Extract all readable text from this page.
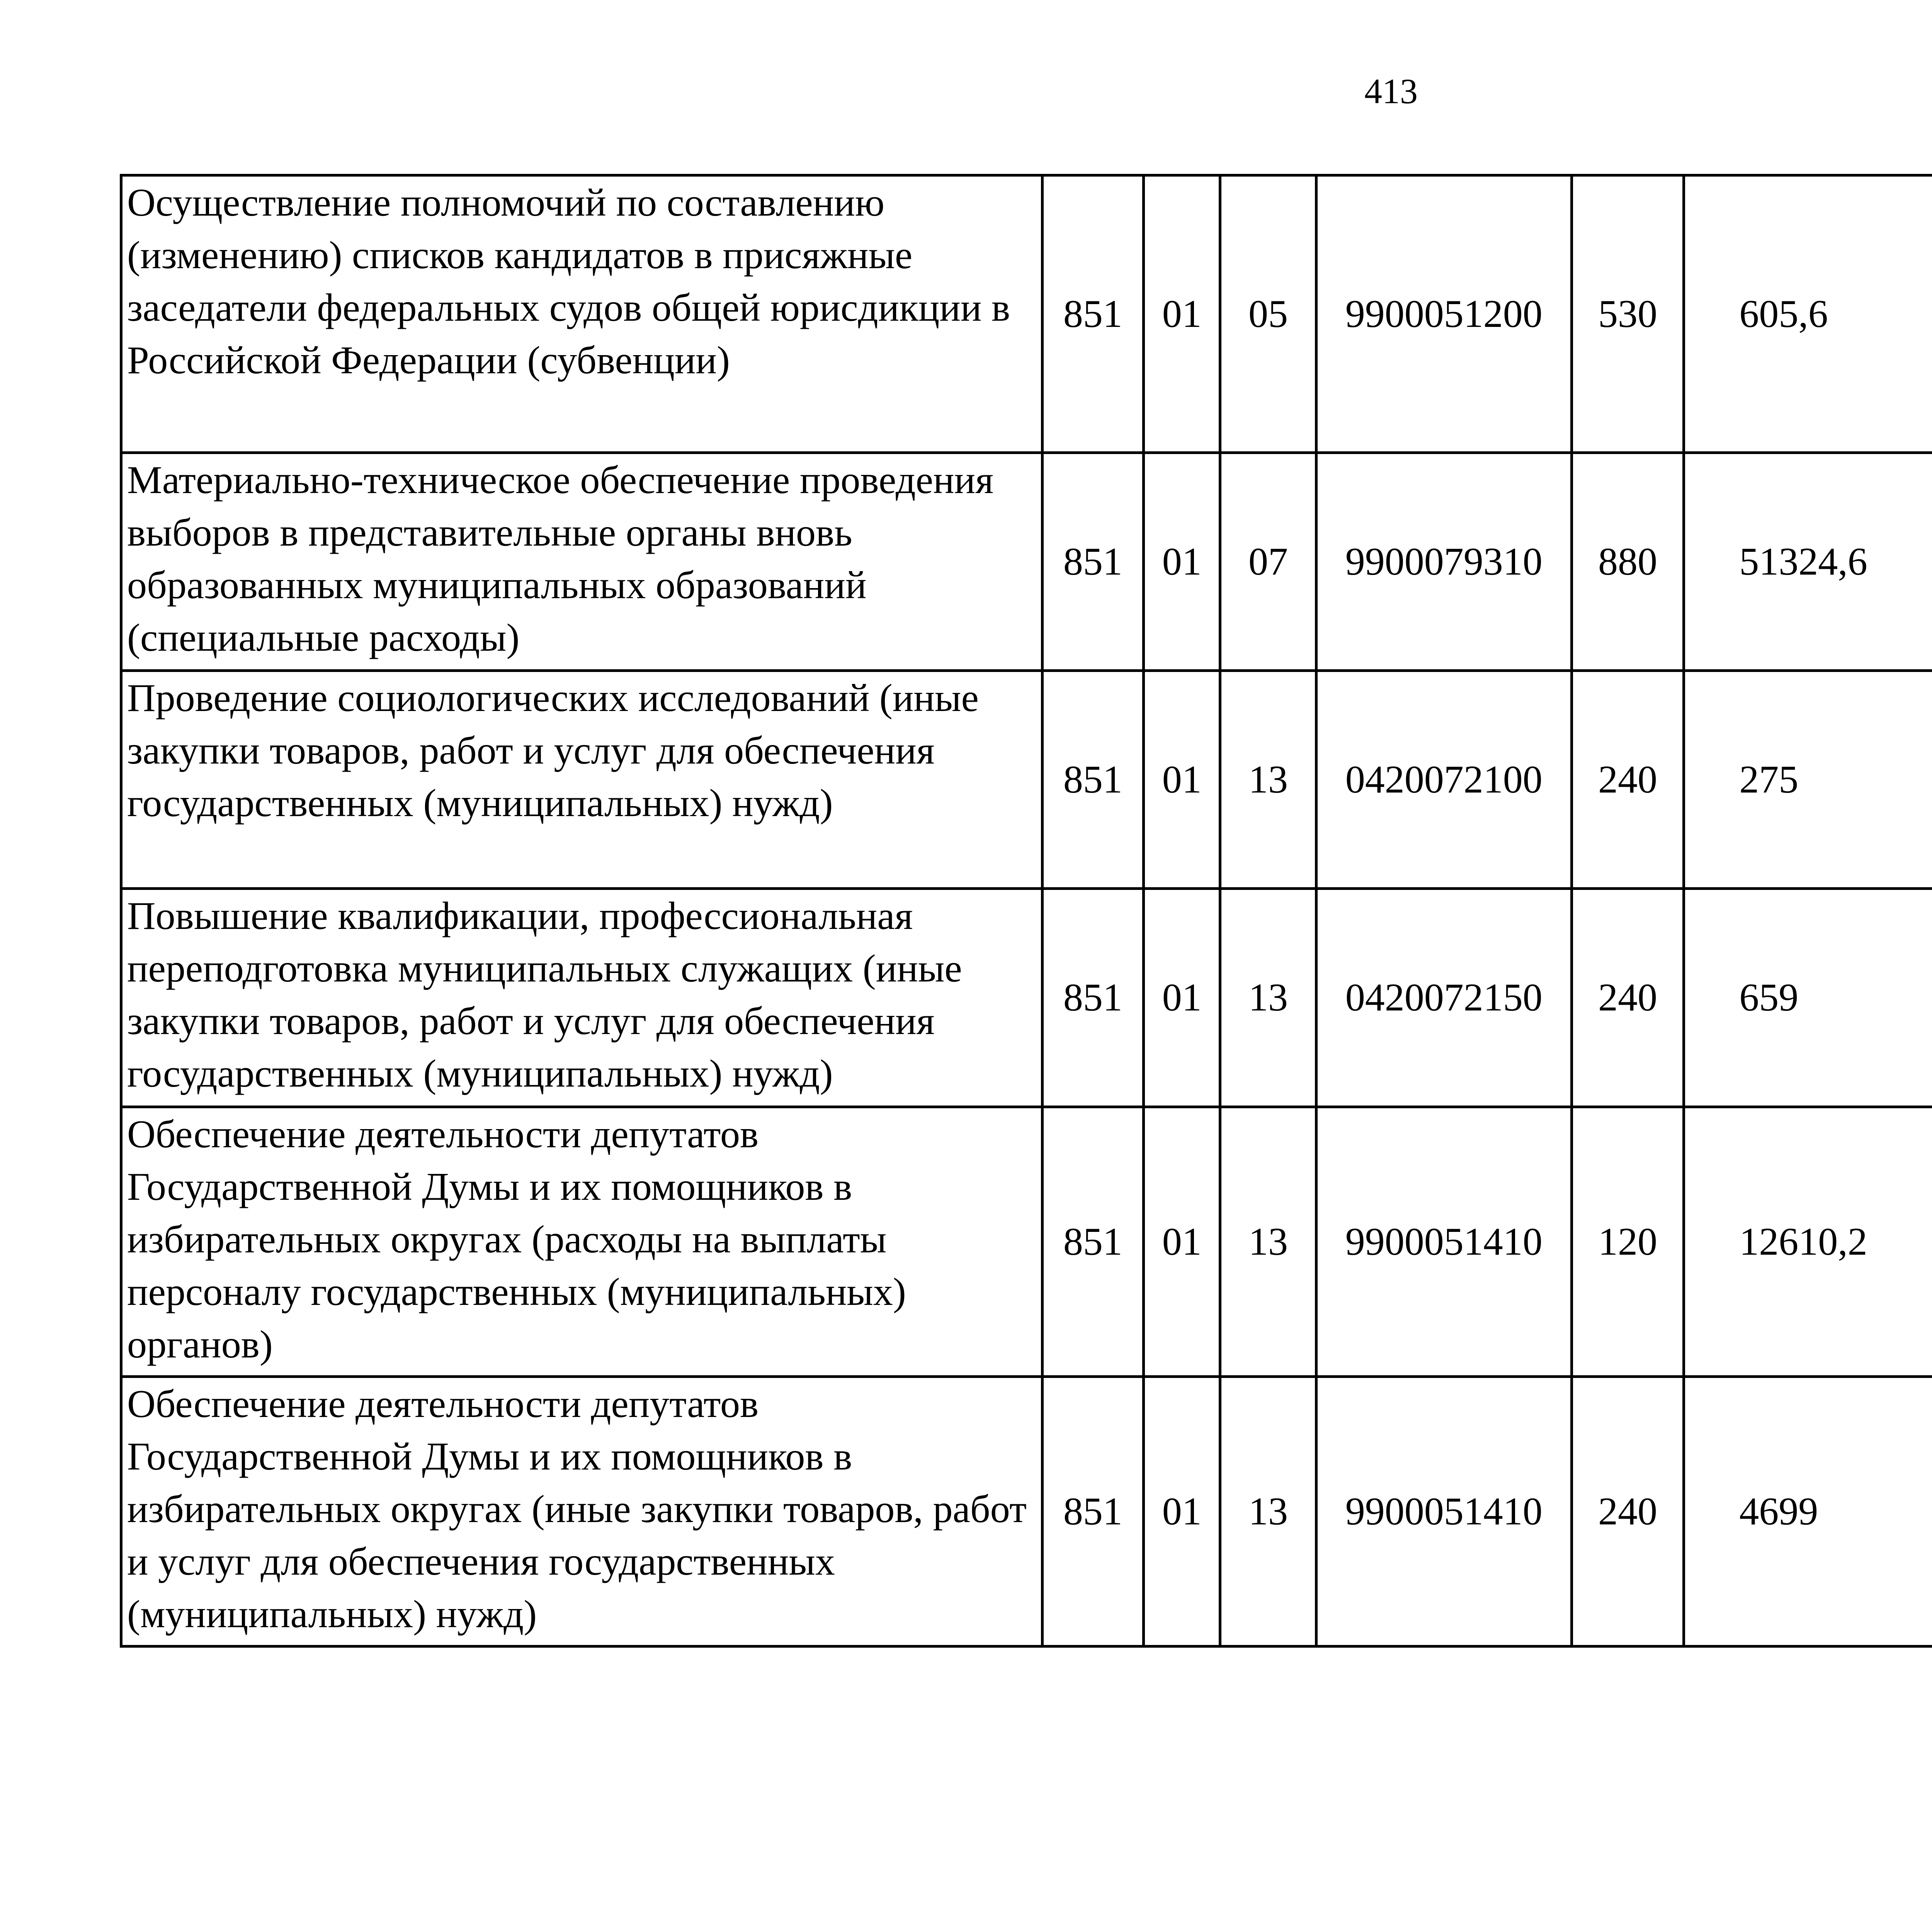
413
Осуществление полномочий по составлению (изменению) списков кандидатов в присяжные заседатели федеральных судов общей юрисдикции в Российской Федерации (субвенции)	851	01	05	9900051200	530	605,6		
Материально-техническое обеспечение проведения выборов в представительные органы вновь образованных муниципальных образований (специальные расходы)	851	01	07	9900079310	880	51324,6		
Проведение социологических исследований (иные закупки товаров, работ и услуг для обеспечения государственных (муниципальных) нужд)	851	01	13	0420072100	240	275		
Повышение квалификации, профессиональная переподготовка муниципальных служащих (иные закупки товаров, работ и услуг для обеспечения государственных (муниципальных) нужд)	851	01	13	0420072150	240	659		
Обеспечение деятельности депутатов Государственной Думы и их помощников в избирательных округах (расходы на выплаты персоналу государственных (муниципальных) органов)	851	01	13	9900051410	120	12610,2		
Обеспечение деятельности депутатов Государственной Думы и их помощников в избирательных округах (иные закупки товаров, работ и услуг для обеспечения государственных (муниципальных) нужд)	851	01	13	9900051410	240	4699		
